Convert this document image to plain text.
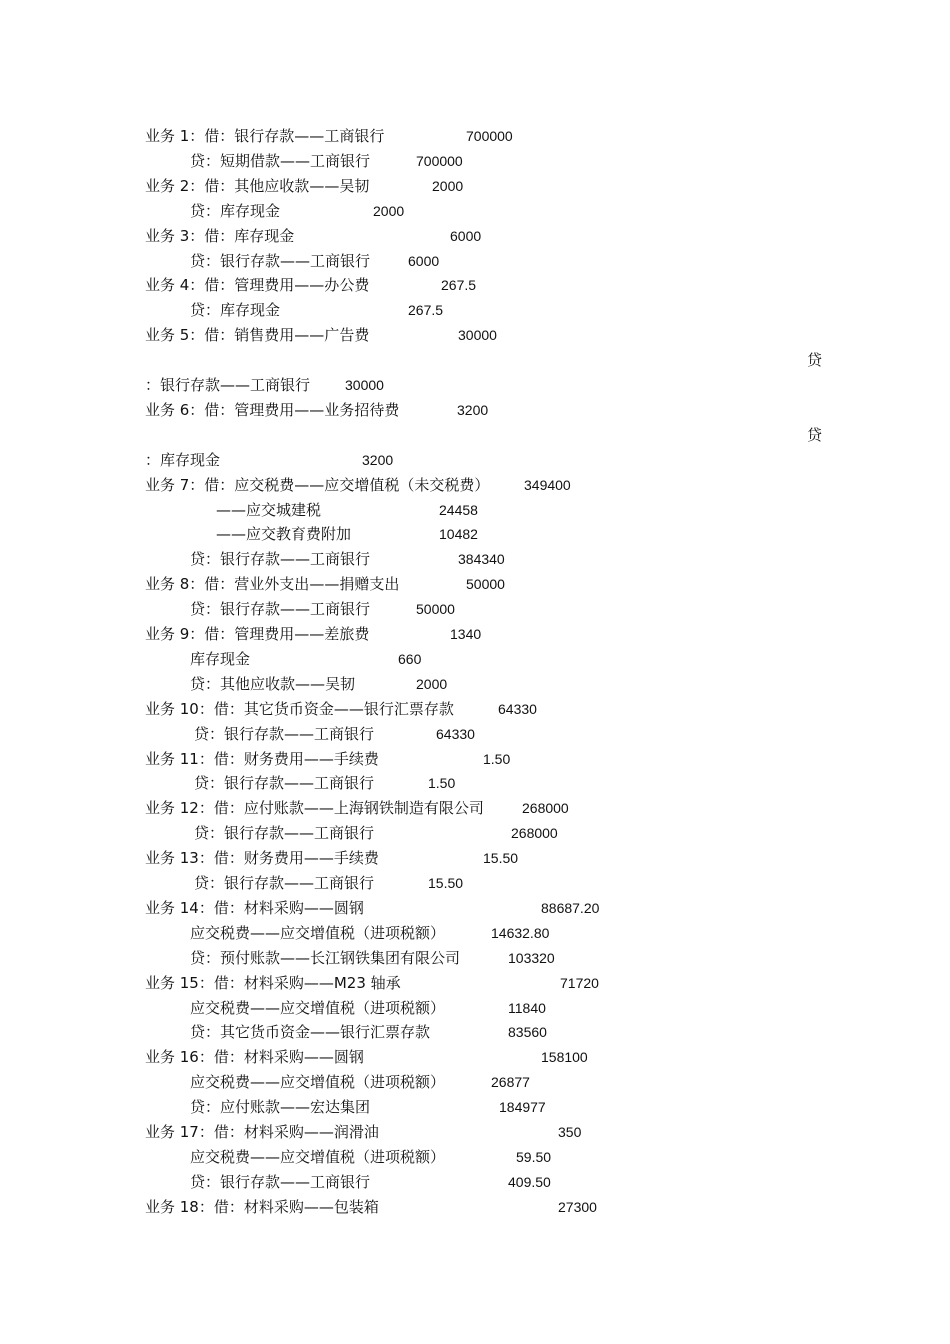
业务 1：借：银行存款——工商银行	700000
贷：短期借款——工商银行	700000
业务 2：借：其他应收款——吴韧	2000
贷：库存现金	2000
业务 3：借：库存现金	6000
贷：银行存款——工商银行	6000
业务 4：借：管理费用——办公费	267.5
贷：库存现金	267.5
业务 5：借：销售费用——广告费	30000
贷
：银行存款——工商银行 30000
业务 6：借：管理费用——业务招待费	3200
贷
：库存现金	3200
业务 7：借：应交税费——应交增值税（未交税费） 349400
——应交城建税	24458
——应交教育费附加	10482
贷：银行存款——工商银行	384340
业务 8：借：营业外支出——捐赠支出	50000
贷：银行存款——工商银行	50000
业务 9：借：管理费用——差旅费	1340
库存现金	660
贷：其他应收款——吴韧	2000
业务 10：借：其它货币资金——银行汇票存款	64330
贷：银行存款——工商银行	64330
业务 11：借：财务费用——手续费	1.50
贷：银行存款——工商银行	1.50
业务 12：借：应付账款——上海钢铁制造有限公司	268000
贷：银行存款——工商银行	268000
业务 13：借：财务费用——手续费	15.50
贷：银行存款——工商银行	15.50
业务 14：借：材料采购——圆钢	88687.20
应交税费——应交增值税（进项税额）	14632.80
贷：预付账款——长江钢铁集团有限公司	103320
业务 15：借：材料采购——M23 轴承	71720
应交税费——应交增值税（进项税额）	11840
贷：其它货币资金——银行汇票存款	83560
业务 16：借：材料采购——圆钢	158100
应交税费——应交增值税（进项税额）	26877
贷：应付账款——宏达集团	184977
业务 17：借：材料采购——润滑油	350
应交税费——应交增值税（进项税额）	59.50
贷：银行存款——工商银行	409.50
业务 18：借：材料采购——包装箱	27300
